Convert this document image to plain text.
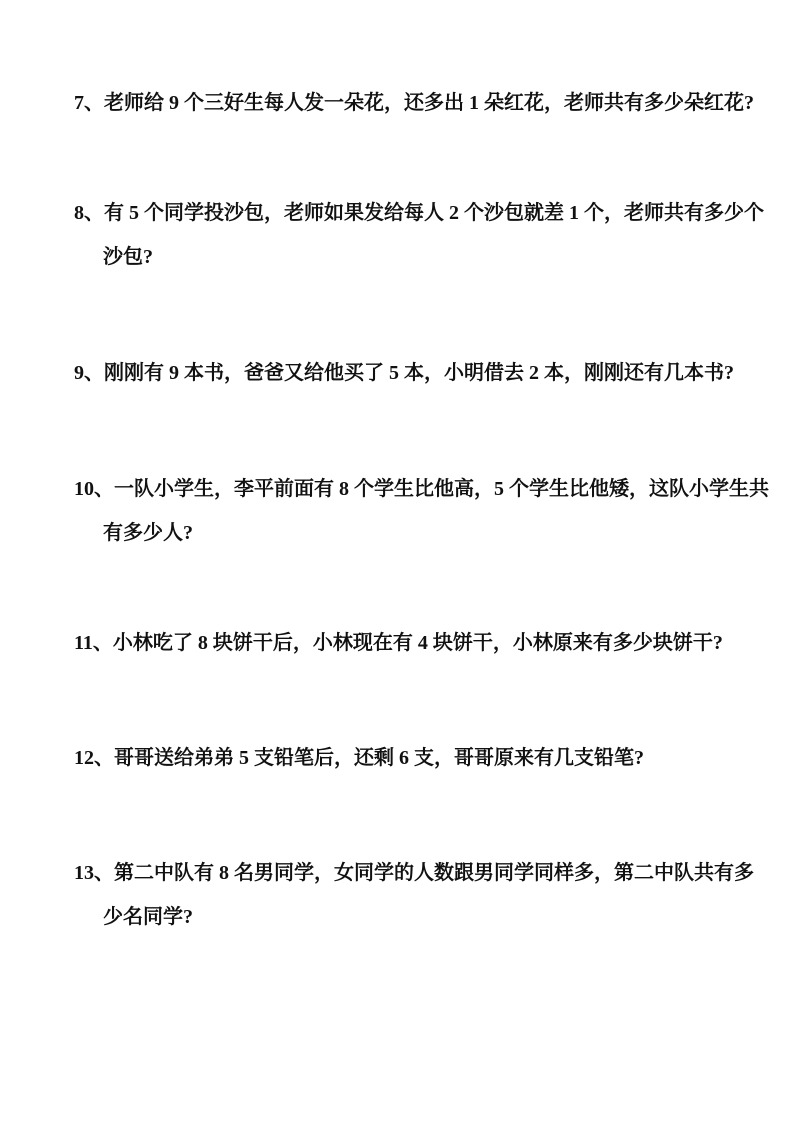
7、老师给 9 个三好生每人发一朵花，还多出 1 朵红花，老师共有多少朵红花?
8、有 5 个同学投沙包，老师如果发给每人 2 个沙包就差 1 个，老师共有多少个
沙包?
9、刚刚有 9 本书，爸爸又给他买了 5 本，小明借去 2 本，刚刚还有几本书?
10、一队小学生，李平前面有 8 个学生比他高，5 个学生比他矮，这队小学生共
有多少人?
11、小林吃了 8 块饼干后，小林现在有 4 块饼干，小林原来有多少块饼干?
12、哥哥送给弟弟 5 支铅笔后，还剩 6 支，哥哥原来有几支铅笔?
13、第二中队有 8 名男同学，女同学的人数跟男同学同样多，第二中队共有多
少名同学?
